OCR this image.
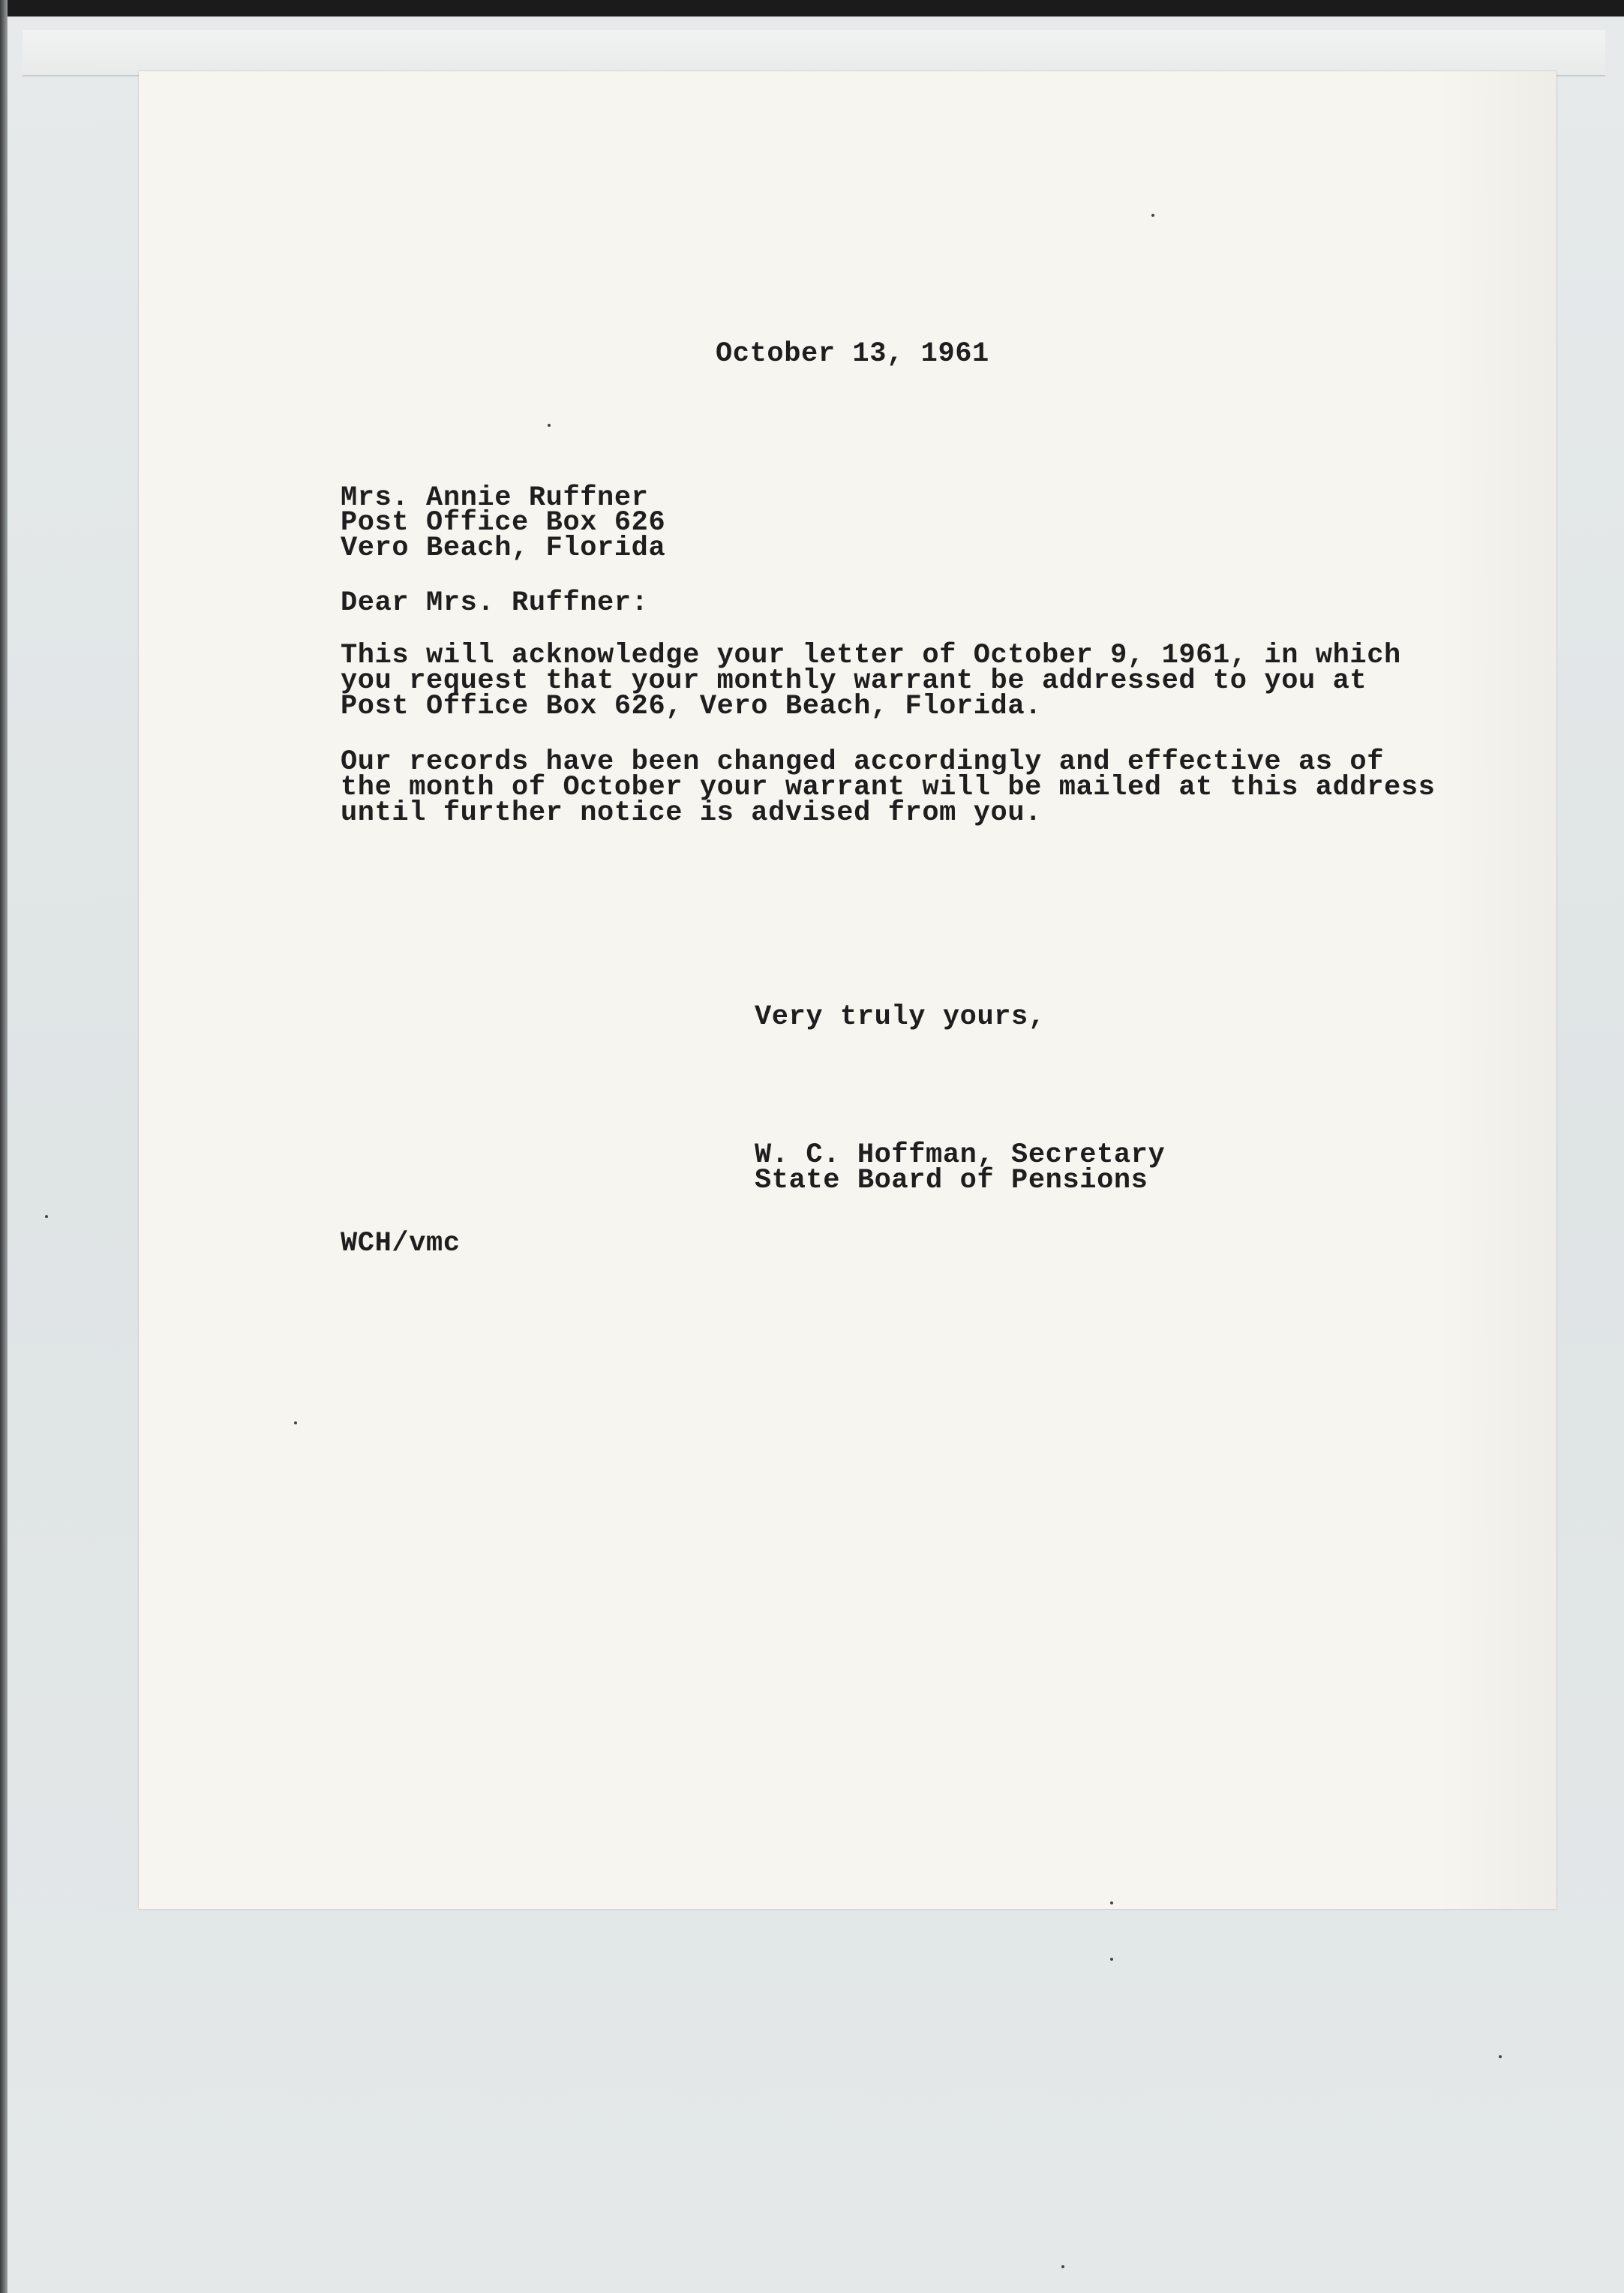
October 13, 1961
Mrs. Annie Ruffner
Post Office Box 626
Vero Beach, Florida
Dear Mrs. Ruffner:
This will acknowledge your letter of October 9, 1961, in which
you request that your monthly warrant be addressed to you at
Post Office Box 626, Vero Beach, Florida.
Our records have been changed accordingly and effective as of
the month of October your warrant will be mailed at this address
until further notice is advised from you.
Very truly yours,
W. C. Hoffman, Secretary
State Board of Pensions
WCH/vmc
